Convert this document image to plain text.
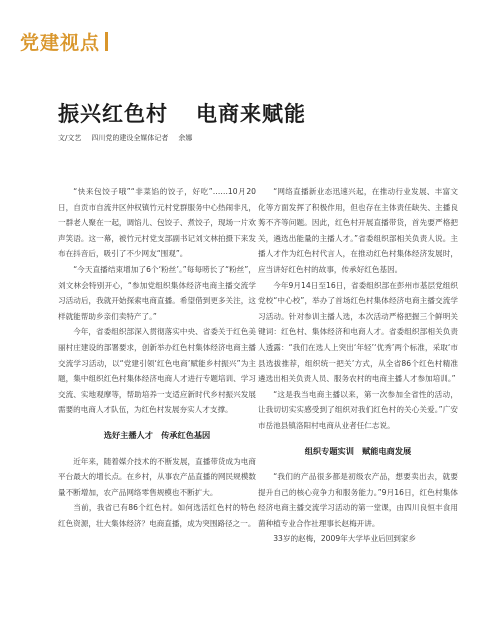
党建视点
振兴红色村 电商来赋能
文/文艺 四川党的建设全媒体记者 余娜

“快来包饺子哦”“非菜馅的饺子，好吃”……10月20日，自贡市自流井区仲权镇竹元村党群服务中心热闹非凡，一群老人聚在一起，调馅儿、包饺子、煮饺子，现场一片欢声笑语。这一幕，被竹元村党支部副书记刘文林拍摄下来发布在抖音后，吸引了不少网友“围观”。

“今天直播结束增加了6个‘粉丝’。”每每唠长了“粉丝”，刘文林会特别开心，“参加党组织集体经济电商主播交流学习活动后，我就开始探索电商直播。希望借到更多关注，这样就能帮助乡亲们卖特产了。”

今年，省委组织部深入贯彻落实中央、省委关于红色美丽村庄建设的部署要求，创新举办红色村集体经济电商主播交流学习活动，以“党建引领‘红色电商’赋能乡村振兴”为主题，集中组织红色村集体经济电商人才进行专题培训、学习交流、实地观摩等，帮助培养一支适应新时代乡村振兴发展需要的电商人才队伍，为红色村发展夯实人才支撑。

选好主播人才　传承红色基因

近年来，随着媒介技术的不断发展，直播带货成为电商平台最大的增长点。在乡村，从事农产品直播的网民规模数量不断增加，农产品网络零售规模也不断扩大。

当前，我省已有86个红色村。如何选活红色村的特色红色资源，壮大集体经济？电商直播，成为突围路径之一。

“网络直播新业态迅速兴起，在推动行业发展、丰富文化等方面发挥了积极作用，但也存在主体责任缺失、主播良莠不齐等问题。因此，红色村开展直播带货，首先要严格把关，遴选出能量的主播人才。”省委组织部相关负责人说。主播人才作为红色村代言人，在推动红色村集体经济发展时，应当讲好红色村的故事，传承好红色基因。

今年9月14日至16日，省委组织部在彭州市基层党组织党校“中心校”，举办了首场红色村集体经济电商主播交流学习活动。针对参训主播人选，本次活动严格把握三个鲜明关键词：红色村、集体经济和电商人才。省委组织部相关负责人透露：“我们在选人上突出‘年轻’‘优秀’两个标准，采取‘市县选拔推荐，组织统一把关’方式，从全省86个红色村精准遴选出相关负责人员、服务农村的电商主播人才参加培训。”

“这是我当电商主播以来，第一次参加全省性的活动，让我切切实实感受到了组织对我们红色村的关心关爱。”广安市岳池县镇洛阳村电商从业者任仁志说。

组织专题实训　赋能电商发展

“我们的产品很多都是初级农产品，想要卖出去，就要提升自己的核心竞争力和服务能力。”9月16日，红色村集体经济电商主播交流学习活动的第一堂课，由四川良恒丰食用菌种植专业合作社理事长赵梅开讲。

33岁的赵梅，2009年大学毕业后回到家乡
